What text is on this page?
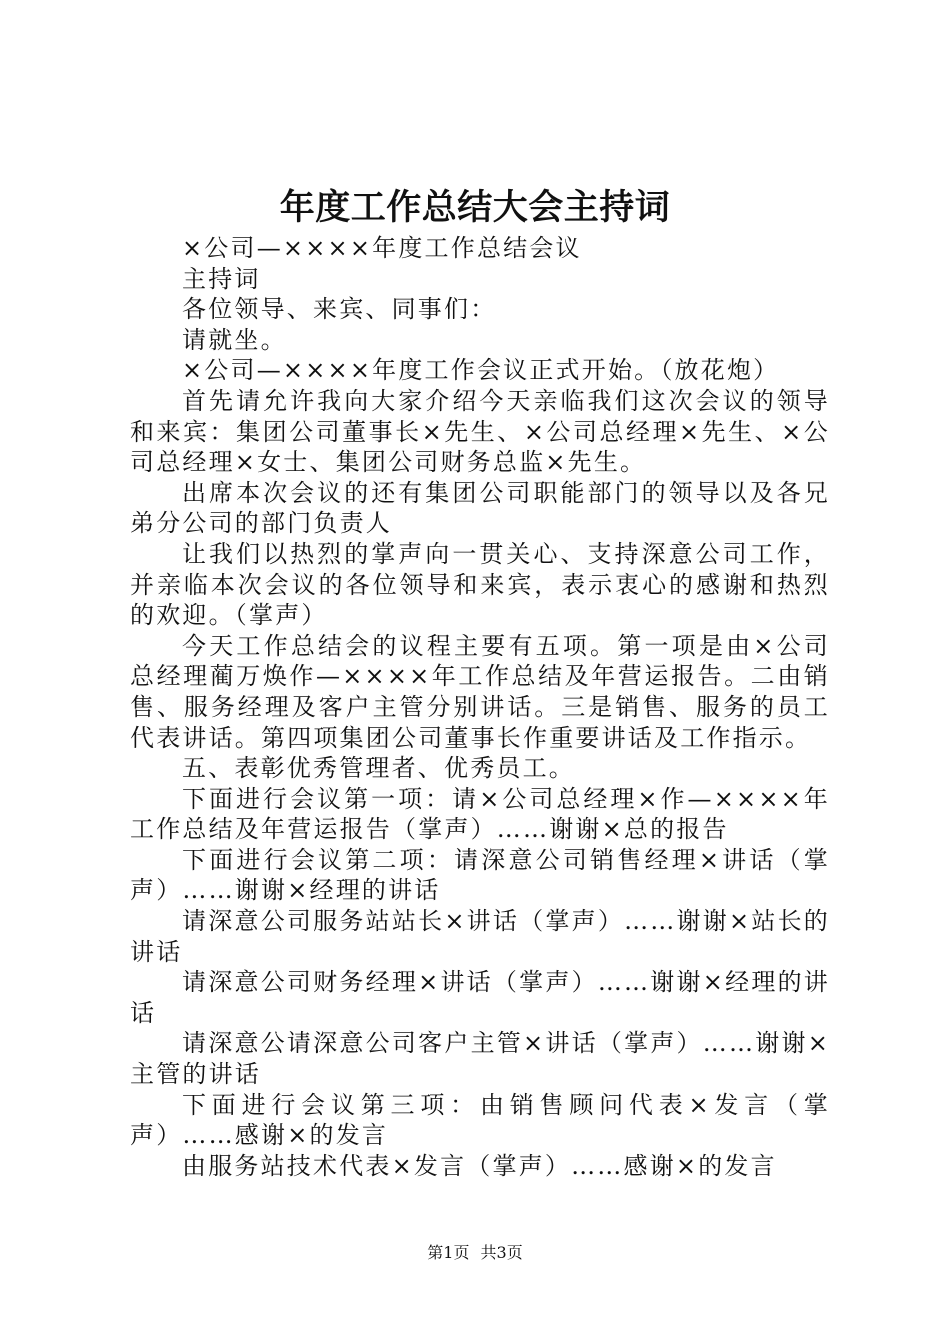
年度工作总结大会主持词

×公司—××××年度工作总结会议

主持词

各位领导、来宾、同事们：

请就坐。

×公司—××××年度工作会议正式开始。（放花炮）

首先请允许我向大家介绍今天亲临我们这次会议的领导和来宾：集团公司董事长×先生、×公司总经理×先生、×公司总经理×女士、集团公司财务总监×先生。

出席本次会议的还有集团公司职能部门的领导以及各兄弟分公司的部门负责人

让我们以热烈的掌声向一贯关心、支持深意公司工作，并亲临本次会议的各位领导和来宾，表示衷心的感谢和热烈的欢迎。（掌声）

今天工作总结会的议程主要有五项。第一项是由×公司总经理蔺万焕作—××××年工作总结及年营运报告。二由销售、服务经理及客户主管分别讲话。三是销售、服务的员工代表讲话。第四项集团公司董事长作重要讲话及工作指示。

五、表彰优秀管理者、优秀员工。

下面进行会议第一项：请×公司总经理×作—××××年工作总结及年营运报告（掌声）……谢谢×总的报告

下面进行会议第二项：请深意公司销售经理×讲话（掌声）……谢谢×经理的讲话

请深意公司服务站站长×讲话（掌声）……谢谢×站长的讲话

请深意公司财务经理×讲话（掌声）……谢谢×经理的讲话

请深意公请深意公司客户主管×讲话（掌声）……谢谢×主管的讲话

下面进行会议第三项：由销售顾问代表×发言（掌声）……感谢×的发言

由服务站技术代表×发言（掌声）……感谢×的发言

第1页 共3页
